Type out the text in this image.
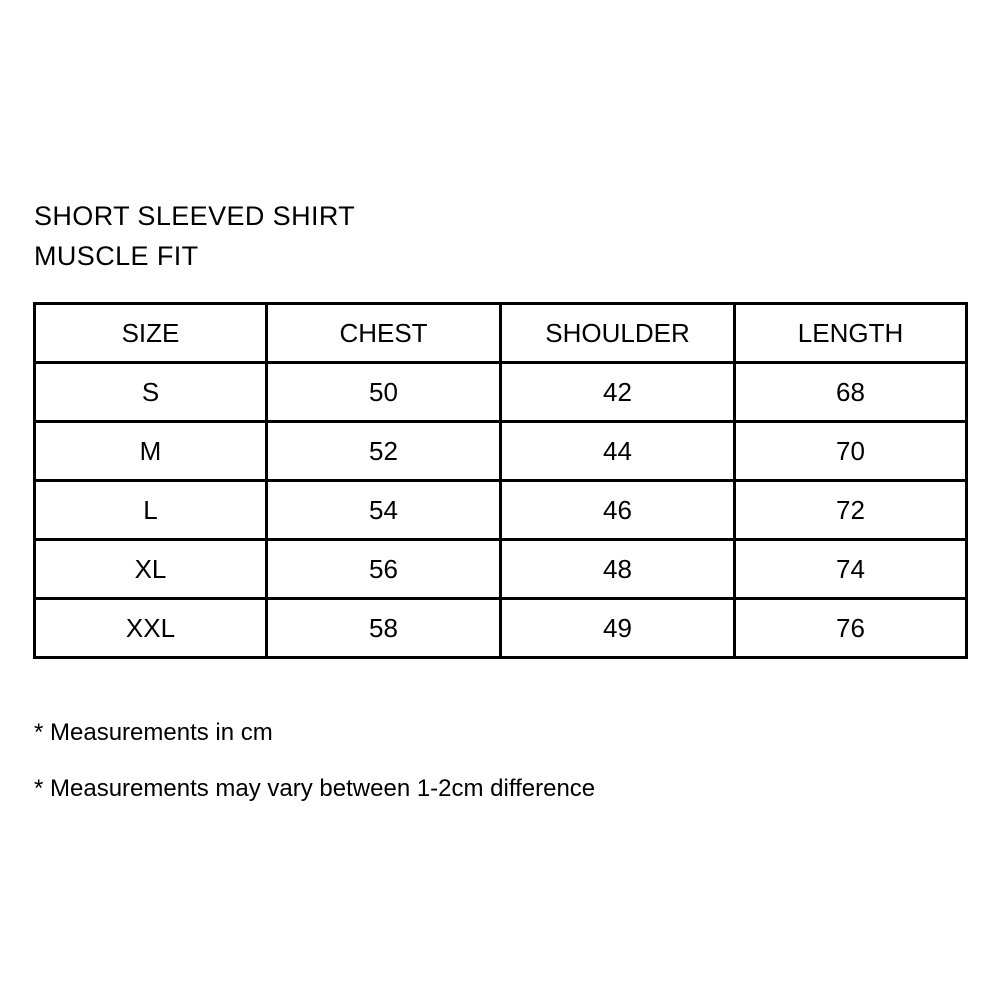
SHORT SLEEVED SHIRT
MUSCLE FIT
SIZE	CHEST	SHOULDER	LENGTH
S	50	42	68
M	52	44	70
L	54	46	72
XL	56	48	74
XXL	58	49	76
* Measurements in cm
* Measurements may vary between 1-2cm difference
